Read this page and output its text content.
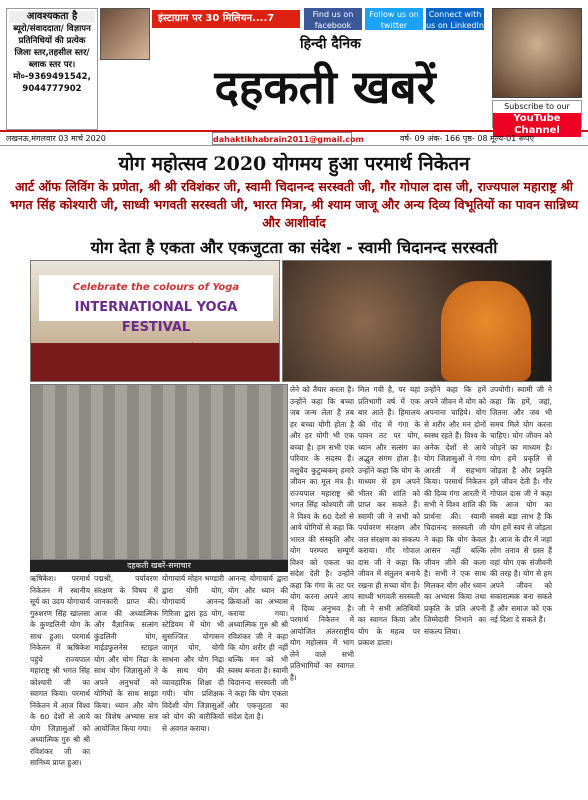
आवश्यकता है
ब्यूरो/संवाददाता/ विज्ञापन प्रतिनिधियों की प्रत्येक जिला स्तर,तहसील स्तर/ब्लाक स्तर पर।
मो०-9369491542, 9044777902
इंस्टाग्राम पर 30 मिलियन....7	Find us on facebook
Follow us on twitter
Connect with us on LinkedIn
हिन्दी दैनिक
दहकती खबरें	Subscribe to our
YouTube Channel
लखनऊ,मंगलवार 03 मार्च 2020	dahaktikhabrain2011@gmail.com	वर्ष- 09 अंक- 166 पृष्ठ- 08 मूल्य-01 रूपए
योग महोत्सव 2020 योगमय हुआ परमार्थ निकेतन
आर्ट ऑफ लिविंग के प्रणेता, श्री श्री रविशंकर जी, स्वामी चिदानन्द सरस्वती जी, गौर गोपाल दास जी, राज्यपाल महाराष्ट्र श्री भगत सिंह कोश्यारी जी, साध्वी भगवती सरस्वती जी, भारत मित्रा, श्री श्याम जाजू और अन्य दिव्य विभूतियों का पावन सान्निध्य और आशीर्वाद
योग देता है एकता और एकजुटता का संदेश - स्वामी चिदानन्द सरस्वती
Celebrate the colours of Yoga
INTERNATIONAL YOGA FESTIVAL
दहकती खबरें-समाचार
ऋषिकेश। परमार्थ निकेतन में स्थानीय सूर्य का उदय योगाचार्य गुरुशरण सिंह खालसा के कुण्डलिनी योग के साथ हुआ। परमार्थ निकेतन में ऋषिकेश पहुंचे राज्यपाल महाराष्ट्र श्री भगत सिंह कोश्यारी जी का स्वागत किया। परमार्थ निकेतन में आज विश्व के 60 देशों से आये योग जिज्ञासुओं को अध्यात्मिक गुरु श्री श्री रविशंकर जी का सानिध्य प्राप्त हुआ।
पद्मश्री, पर्यावरण संरक्षण के विषय में जानकारी प्राप्त की। आज की अध्यात्मिक और वैज्ञानिक सत्संग कुंडलिनी योग, माईडफुलनेस स्टाइल योग और योग निद्रा के साथ योग जिज्ञासुओं ने अपने अनुभवों को योगियों के साथ साझा किया। ध्यान और योग का विशेष अभ्यास सत्र आयोजित किया गया।
योगाचार्य मोहन भण्डारी द्वारा योगी योग, योगाचार्य आनन्द गिरिजा द्वारा हठ योग, स्टेडियम में योग भी सुसज्जित योगासन जागृत योग, योगी साधना और योग निद्रा के साथ योग की व्यावहारिक शिक्षा दी गयी। योग प्रशिक्षक विदेशी योग जिज्ञासुओं को योग की बारीकियों से अवगत कराया।
आनन्द योगाचार्य द्वारा योग और ध्यान की क्रियाओं का अभ्यास कराया गया। अध्यात्मिक गुरु श्री श्री रविशंकर जी ने कहा कि योग शरीर ही नहीं बल्कि मन को भी स्वस्थ बनाता है। स्वामी चिदानन्द सरस्वती जी ने कहा कि योग एकता और एकजुटता का संदेश देता है।
लेने को तैयार करता है। उन्होंने कहा कि बच्चा जब जन्म लेता है तब हर बच्चा योगी होता है और हर योगी भी एक बच्चा है। हम सभी एक परिवार के सदस्य हैं। वसुधैव कुटुम्बकम् हमारे जीवन का मूल मंत्र है। राज्यपाल महाराष्ट्र श्री भगत सिंह कोश्यारी जी ने विश्व के 60 देशों से आये योगियों से कहा कि भारत की संस्कृति और योग परम्परा सम्पूर्ण विश्व को एकता का संदेश देती है। उन्होंने कहा कि गंगा के तट पर योग करना अपने आप में दिव्य अनुभव है। परमार्थ निकेतन में आयोजित अंतरराष्ट्रीय योग महोत्सव में भाग लेने वाले सभी प्रतिभागियों का स्वागत है।
मिल गयी है, पर यहां प्रतिभागी वर्ष में एक बार आते हैं। हिमालय की गोद में गंगा के पावन तट पर योग, ध्यान और सत्संग का अद्भुत संगम होता है। उन्होंने कहा कि योग के माध्यम से हम अपने भीतर की शांति को प्राप्त कर सकते हैं। स्वामी जी ने सभी को पर्यावरण संरक्षण और जल संरक्षण का संकल्प कराया। गौर गोपाल दास जी ने कहा कि जीवन में संतुलन बनाये रखना ही सच्चा योग है। साध्वी भगवती सरस्वती जी ने सभी अतिथियों का स्वागत किया और योग के महत्व पर प्रकाश डाला।
उन्होंने कहा कि हमें अपने जीवन में योग को अपनाना चाहिये। योग से शरीर और मन दोनों स्वस्थ रहते हैं। विश्व के अनेक देशों से आये योग जिज्ञासुओं ने गंगा आरती में सहभाग किया। परमार्थ निकेतन की दिव्य गंगा आरती में सभी ने विश्व शांति की प्रार्थना की। स्वामी चिदानन्द सरस्वती जी ने कहा कि योग केवल आसन नहीं बल्कि जीवन जीने की कला है। सभी ने एक साथ मिलकर योग और ध्यान का अभ्यास किया तथा प्रकृति के प्रति अपनी जिम्मेदारी निभाने का संकल्प लिया।
उपयोगी। स्वामी जी ने कहा कि हमें, जहां, जितना और जब भी समय मिले योग करना चाहिए। योग जीवन को जोड़ने का माध्यम है। योग हमें प्रकृति से जोड़ता है और प्रकृति हमें जीवन देती है। गौर गोपाल दास जी ने कहा कि आज योग का सबसे बड़ा लाभ है कि योग हमें स्वयं से जोड़ता है। आज के दौर में जहां लोग तनाव से ग्रस्त हैं वहां योग एक संजीवनी की तरह है। योग से हम अपने जीवन को सकारात्मक बना सकते हैं और समाज को एक नई दिशा दे सकते हैं।
